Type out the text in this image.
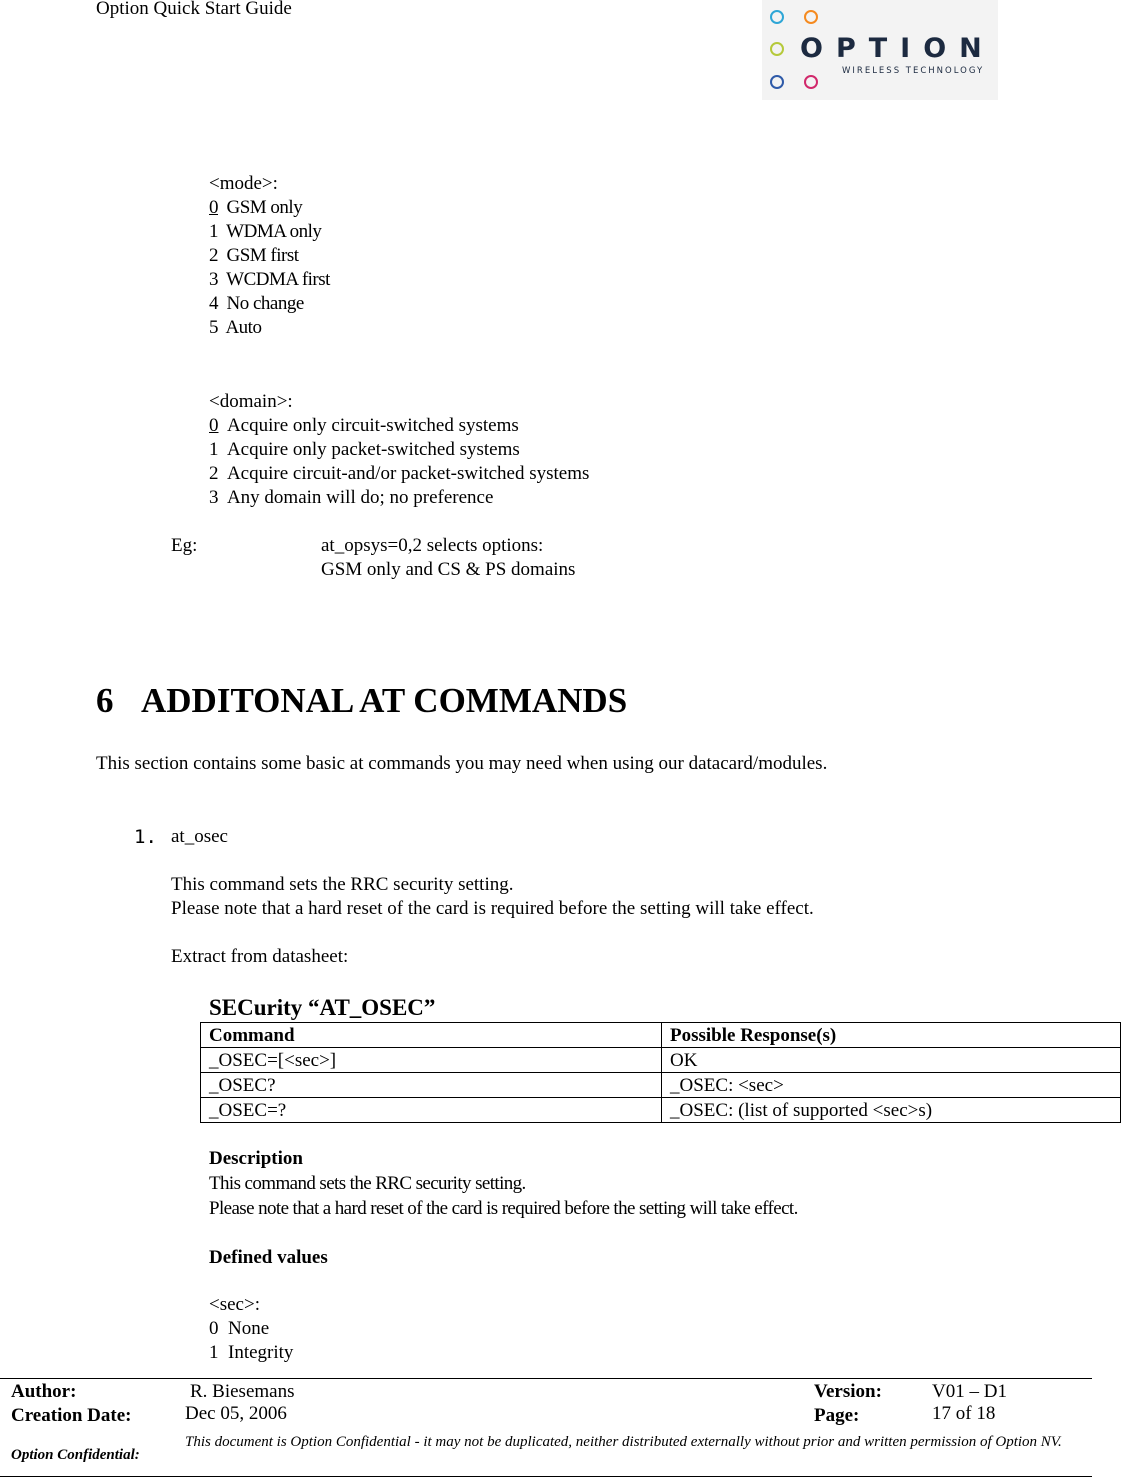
Option Quick Start Guide
OPTION
WIRELESS TECHNOLOGY
<mode>:
0 GSM only
1 WDMA only
2 GSM first
3 WCDMA first
4 No change
5 Auto
<domain>:
0 Acquire only circuit-switched systems
1 Acquire only packet-switched systems
2 Acquire circuit-and/or packet-switched systems
3 Any domain will do; no preference
Eg:	at_opsys=0,2 selects options:
GSM only and CS & PS domains
6 ADDITONAL AT COMMANDS
This section contains some basic at commands you may need when using our datacard/modules.
1. at_osec
This command sets the RRC security setting.
Please note that a hard reset of the card is required before the setting will take effect.
Extract from datasheet:
SECurity “AT_OSEC”
Command	Possible Response(s)
_OSEC=[<sec>]	OK
_OSEC?	_OSEC: <sec>
_OSEC=?	_OSEC: (list of supported <sec>s)
Description
This command sets the RRC security setting.
Please note that a hard reset of the card is required before the setting will take effect.
Defined values
<sec>:
0 None
1 Integrity
Author:	R. Biesemans	Version:	V01 – D1
Creation Date:	Dec 05, 2006	Page:	17 of 18
Option Confidential:
This document is Option Confidential - it may not be duplicated, neither distributed externally without prior and written permission of Option NV.
